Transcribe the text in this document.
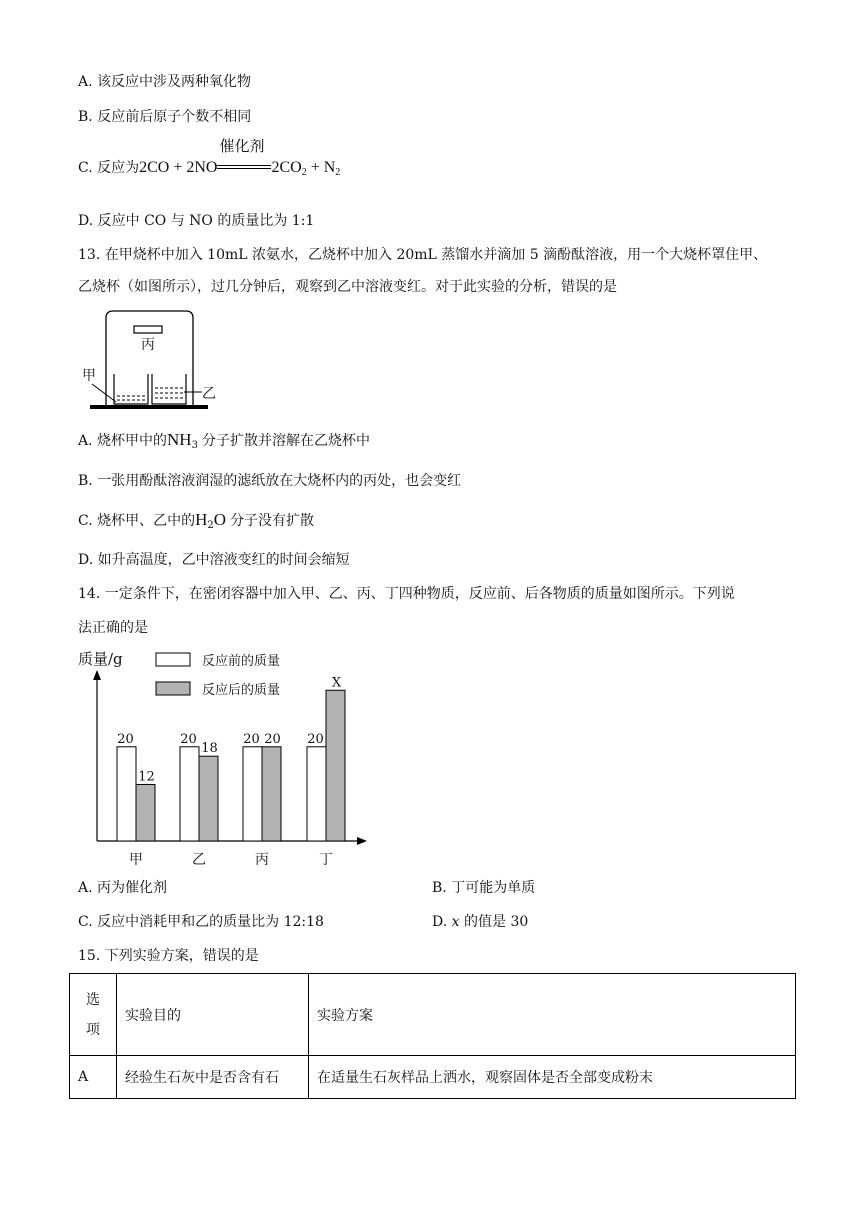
A. 该反应中涉及两种氧化物
B. 反应前后原子个数不相同
C. 反应为2CO + 2NO
催化剂
$2CO_2 + N_2$
D. 反应中 CO 与 NO 的质量比为 1:1
13. 在甲烧杯中加入 10mL 浓氨水，乙烧杯中加入 20mL 蒸馏水并滴加 5 滴酚酞溶液，用一个大烧杯罩住甲、
乙烧杯（如图所示），过几分钟后，观察到乙中溶液变红。对于此实验的分析，错误的是
丙
甲
乙
A. 烧杯甲中的$NH_3$ 分子扩散并溶解在乙烧杯中
B. 一张用酚酞溶液润湿的滤纸放在大烧杯内的丙处，也会变红
C. 烧杯甲、乙中的$H_2O$ 分子没有扩散
D. 如升高温度，乙中溶液变红的时间会缩短
14. 一定条件下，在密闭容器中加入甲、乙、丙、丁四种物质，反应前、后各物质的质量如图所示。下列说
法正确的是
质量/g	反应前的质量
反应后的质量
20
12
甲
20
18
乙
20 20
丙
20
X
丁
A. 丙为催化剂	B. 丁可能为单质
C. 反应中消耗甲和乙的质量比为 12:18	D. x 的值是 30
15. 下列实验方案，错误的是
选
项	实验目的	实验方案
A	经验生石灰中是否含有石	在适量生石灰样品上洒水，观察固体是否全部变成粉末
